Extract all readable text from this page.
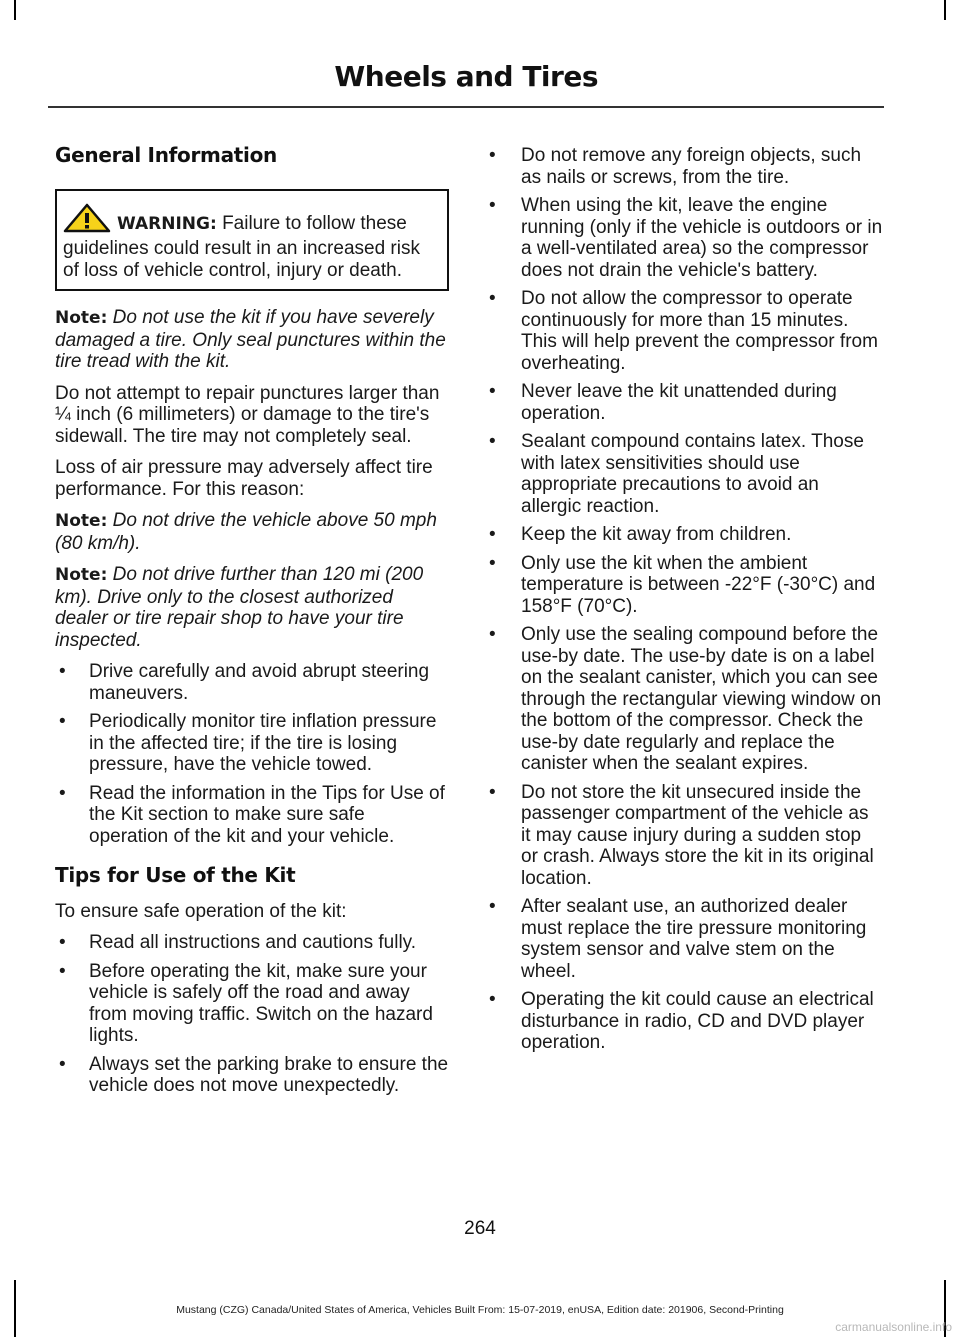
Wheels and Tires
General Information
WARNING: Failure to follow these guidelines could result in an increased risk of loss of vehicle control, injury or death.

Note: Do not use the kit if you have severely damaged a tire. Only seal punctures within the tire tread with the kit.

Do not attempt to repair punctures larger than ¼ inch (6 millimeters) or damage to the tire's sidewall. The tire may not completely seal.

Loss of air pressure may adversely affect tire performance. For this reason:

Note: Do not drive the vehicle above 50 mph (80 km/h).

Note: Do not drive further than 120 mi (200 km). Drive only to the closest authorized dealer or tire repair shop to have your tire inspected.

• Drive carefully and avoid abrupt steering maneuvers.
• Periodically monitor tire inflation pressure in the affected tire; if the tire is losing pressure, have the vehicle towed.
• Read the information in the Tips for Use of the Kit section to make sure safe operation of the kit and your vehicle.
Tips for Use of the Kit

To ensure safe operation of the kit:

• Read all instructions and cautions fully.
• Before operating the kit, make sure your vehicle is safely off the road and away from moving traffic. Switch on the hazard lights.
• Always set the parking brake to ensure the vehicle does not move unexpectedly.
• Do not remove any foreign objects, such as nails or screws, from the tire.
• When using the kit, leave the engine running (only if the vehicle is outdoors or in a well-ventilated area) so the compressor does not drain the vehicle's battery.
• Do not allow the compressor to operate continuously for more than 15 minutes. This will help prevent the compressor from overheating.
• Never leave the kit unattended during operation.
• Sealant compound contains latex. Those with latex sensitivities should use appropriate precautions to avoid an allergic reaction.
• Keep the kit away from children.
• Only use the kit when the ambient temperature is between -22°F (-30°C) and 158°F (70°C).
• Only use the sealing compound before the use-by date. The use-by date is on a label on the sealant canister, which you can see through the rectangular viewing window on the bottom of the compressor. Check the use-by date regularly and replace the canister when the sealant expires.
• Do not store the kit unsecured inside the passenger compartment of the vehicle as it may cause injury during a sudden stop or crash. Always store the kit in its original location.
• After sealant use, an authorized dealer must replace the tire pressure monitoring system sensor and valve stem on the wheel.
• Operating the kit could cause an electrical disturbance in radio, CD and DVD player operation.
264
Mustang (CZG) Canada/United States of America, Vehicles Built From: 15-07-2019, enUSA, Edition date: 201906, Second-Printing
carmanualsonline.info
